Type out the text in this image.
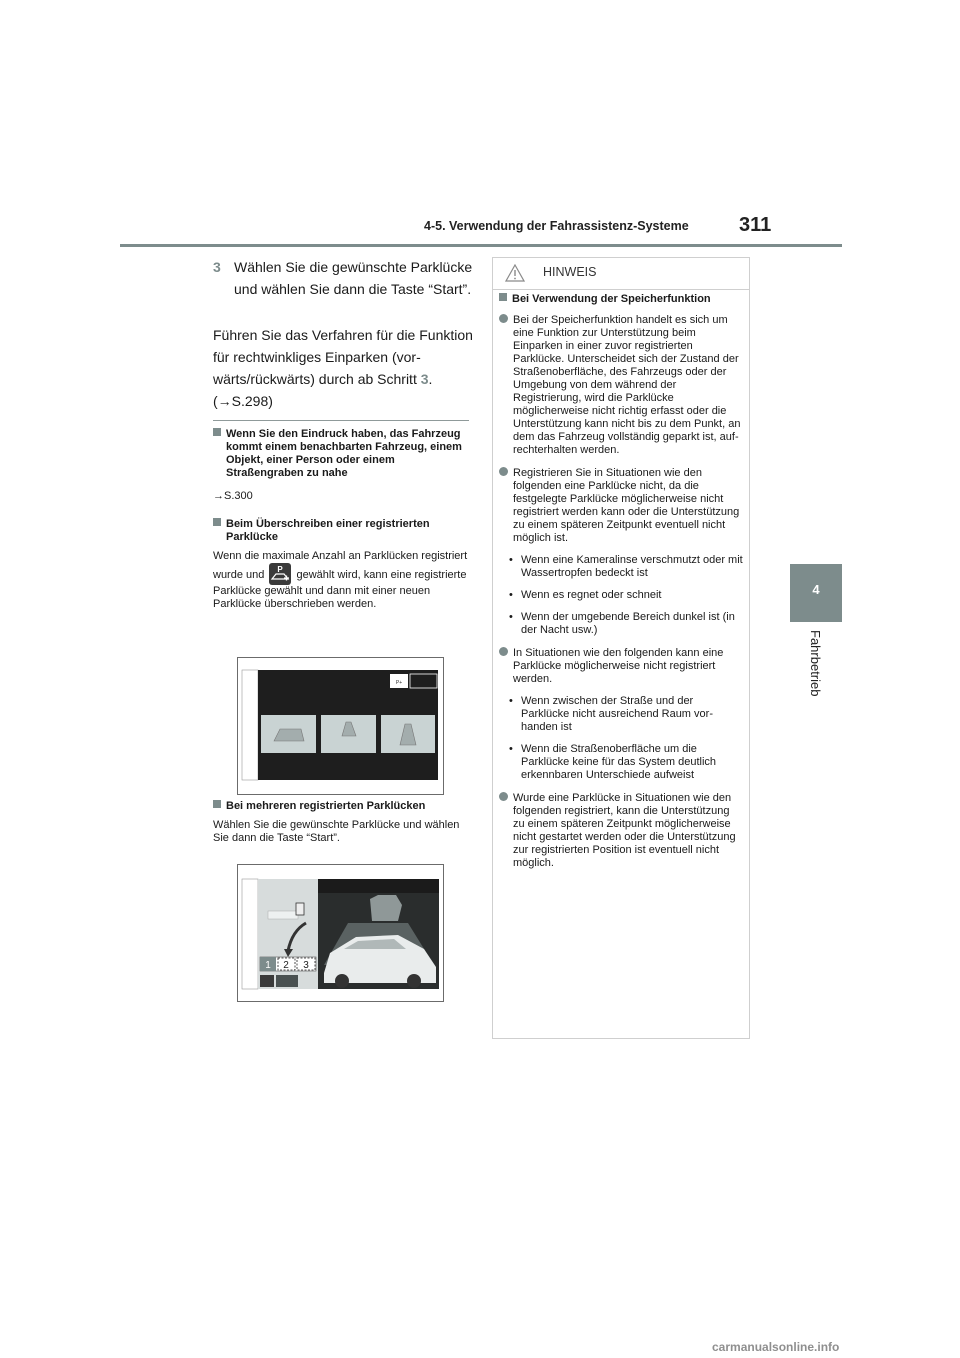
4-5. Verwendung der Fahrassistenz-Systeme	311
4
Fahrbetrieb
3 Wählen Sie die gewünschte Parklücke und wählen Sie dann die Taste “Start”.
Führen Sie das Verfahren für die Funktion für rechtwinkliges Einparken (vorwärts/rückwärts) durch ab Schritt 3.
(→S.298)
Wenn Sie den Eindruck haben, das Fahrzeug kommt einem benachbarten Fahrzeug, einem Objekt, einer Person oder einem Straßengraben zu nahe
→S.300
Beim Überschreiben einer registrierten Parklücke
Wenn die maximale Anzahl an Parklücken registriert wurde und P gewählt wird, kann eine registrierte Parklücke gewählt und dann mit einer neuen Parklücke überschrieben werden.
P+
Bei mehreren registrierten Parklücken
Wählen Sie die gewünschte Parklücke und wählen Sie dann die Taste “Start”.
1 2 3
HINWEIS
Bei Verwendung der Speicherfunktion
Bei der Speicherfunktion handelt es sich um eine Funktion zur Unterstützung beim Einparken in einer zuvor registrierten Parklücke. Unterscheidet sich der Zustand der Straßenoberfläche, des Fahrzeugs oder der Umgebung von dem während der Registrierung, wird die Parklücke möglicherweise nicht richtig erfasst oder die Unterstützung kann nicht bis zu dem Punkt, an dem das Fahrzeug vollständig geparkt ist, aufrechterhalten werden.
Registrieren Sie in Situationen wie den folgenden eine Parklücke nicht, da die festgelegte Parklücke möglicherweise nicht registriert werden kann oder die Unterstützung zu einem späteren Zeitpunkt eventuell nicht möglich ist.
• Wenn eine Kameralinse verschmutzt oder mit Wassertropfen bedeckt ist
• Wenn es regnet oder schneit
• Wenn der umgebende Bereich dunkel ist (in der Nacht usw.)
In Situationen wie den folgenden kann eine Parklücke möglicherweise nicht registriert werden.
• Wenn zwischen der Straße und der Parklücke nicht ausreichend Raum vorhanden ist
• Wenn die Straßenoberfläche um die Parklücke keine für das System deutlich erkennbaren Unterschiede aufweist
Wurde eine Parklücke in Situationen wie den folgenden registriert, kann die Unterstützung zu einem späteren Zeitpunkt möglicherweise nicht gestartet werden oder die Unterstützung zur registrierten Position ist eventuell nicht möglich.
carmanualsonline.info
